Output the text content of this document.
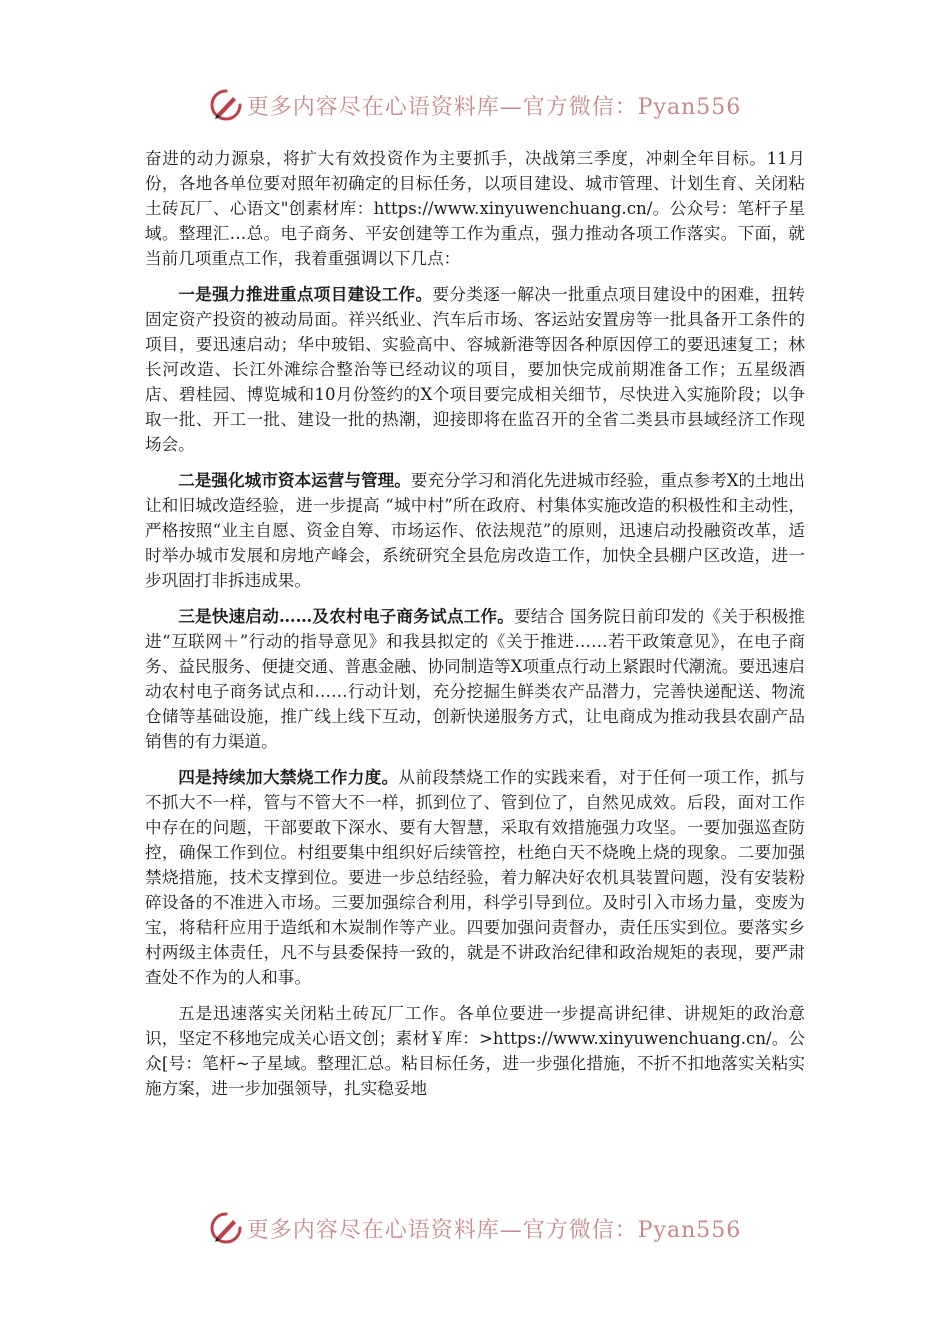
更多内容尽在心语资料库—官方微信：Pyan556

奋进的动力源泉，将扩大有效投资作为主要抓手，决战第三季度，冲刺全年目标。11月份，各地各单位要对照年初确定的目标任务，以项目建设、城市管理、计划生育、关闭粘土砖瓦厂、心语文"创素材库：https://www.xinyuwenchuang.cn/。公众号：笔杆子星域。整理汇…总。电子商务、平安创建等工作为重点，强力推动各项工作落实。下面，就当前几项重点工作，我着重强调以下几点：

一是强力推进重点项目建设工作。要分类逐一解决一批重点项目建设中的困难，扭转固定资产投资的被动局面。祥兴纸业、汽车后市场、客运站安置房等一批具备开工条件的项目，要迅速启动；华中玻铝、实验高中、容城新港等因各种原因停工的要迅速复工；林长河改造、长江外滩综合整治等已经动议的项目，要加快完成前期准备工作；五星级酒店、碧桂园、博览城和10月份签约的X个项目要完成相关细节，尽快进入实施阶段；以争取一批、开工一批、建设一批的热潮，迎接即将在监召开的全省二类县市县域经济工作现场会。

二是强化城市资本运营与管理。要充分学习和消化先进城市经验，重点参考X的土地出让和旧城改造经验，进一步提高 “城中村”所在政府、村集体实施改造的积极性和主动性，严格按照“业主自愿、资金自筹、市场运作、依法规范”的原则，迅速启动投融资改革，适时举办城市发展和房地产峰会，系统研究全县危房改造工作，加快全县棚户区改造，进一步巩固打非拆违成果。

三是快速启动……及农村电子商务试点工作。要结合 国务院日前印发的《关于积极推进“互联网＋”行动的指导意见》和我县拟定的《关于推进……若干政策意见》，在电子商务、益民服务、便捷交通、普惠金融、协同制造等X项重点行动上紧跟时代潮流。要迅速启动农村电子商务试点和……行动计划，充分挖掘生鲜类农产品潜力，完善快递配送、物流仓储等基础设施，推广线上线下互动，创新快递服务方式，让电商成为推动我县农副产品销售的有力渠道。

四是持续加大禁烧工作力度。从前段禁烧工作的实践来看，对于任何一项工作，抓与不抓大不一样，管与不管大不一样，抓到位了、管到位了，自然见成效。后段，面对工作中存在的问题，干部要敢下深水、要有大智慧，采取有效措施强力攻坚。一要加强巡查防控，确保工作到位。村组要集中组织好后续管控，杜绝白天不烧晚上烧的现象。二要加强禁烧措施，技术支撑到位。要进一步总结经验，着力解决好农机具装置问题，没有安装粉碎设备的不准进入市场。三要加强综合利用，科学引导到位。及时引入市场力量，变废为宝，将秸秆应用于造纸和木炭制作等产业。四要加强问责督办，责任压实到位。要落实乡村两级主体责任，凡不与县委保持一致的，就是不讲政治纪律和政治规矩的表现，要严肃查处不作为的人和事。

五是迅速落实关闭粘土砖瓦厂工作。各单位要进一步提高讲纪律、讲规矩的政治意识，坚定不移地完成关心语文创；素材￥库：>https://www.xinyuwenchuang.cn/。公众[号：笔杆~子星域。整理汇总。粘目标任务，进一步强化措施，不折不扣地落实关粘实施方案，进一步加强领导，扎实稳妥地

更多内容尽在心语资料库—官方微信：Pyan556
